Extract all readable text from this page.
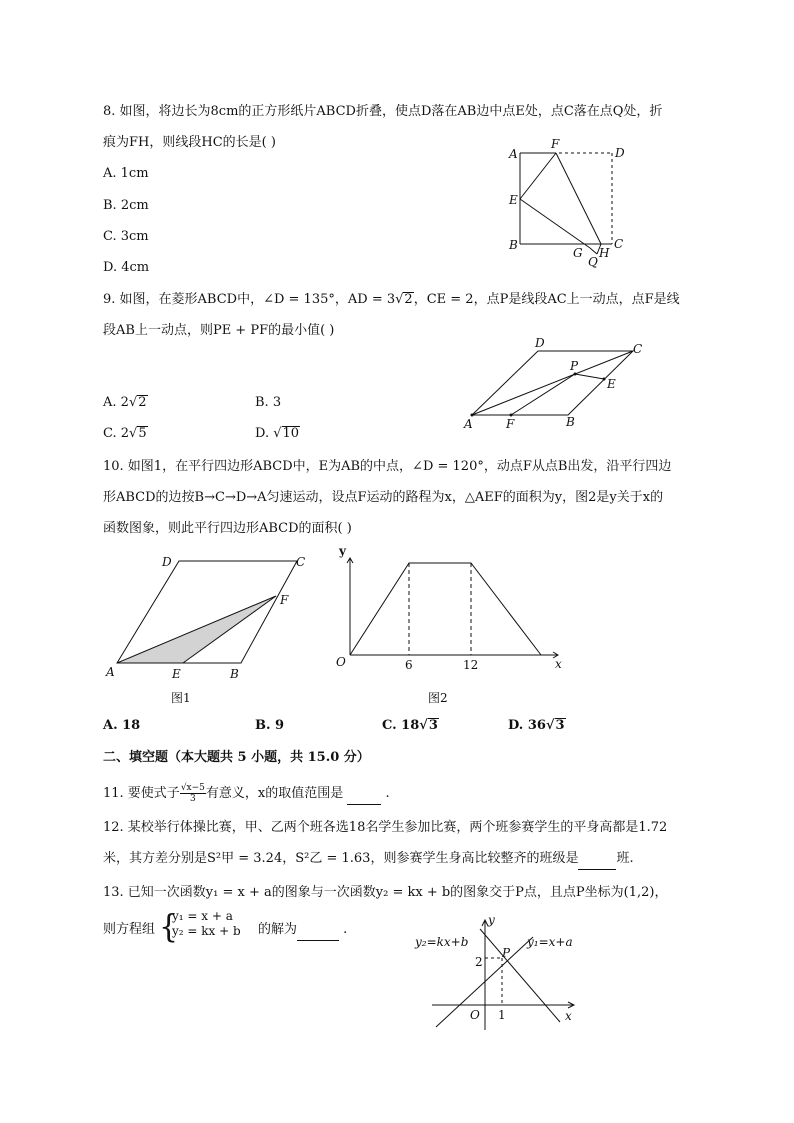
8. 如图，将边长为8cm的正方形纸片ABCD折叠，使点D落在AB边中点E处，点C落在点Q处，折
痕为FH，则线段HC的长是( )
A. 1cm
B. 2cm
C. 3cm
D. 4cm
A
F
D
E
B
G H
C
Q
9. 如图，在菱形ABCD中，∠D = 135°，AD = 3√2，CE = 2，点P是线段AC上一动点，点F是线
段AB上一动点，则PE + PF的最小值( )
A. 2√2	B. 3
C. 2√5	D. √10
D	C
P
E
A	F	B
10. 如图1，在平行四边形ABCD中，E为AB的中点，∠D = 120°，动点F从点B出发，沿平行四边
形ABCD的边按B→C→D→A匀速运动，设点F运动的路程为x，△AEF的面积为y，图2是y关于x的
函数图象，则此平行四边形ABCD的面积( )
D	C
F
A	E	B
图1
y
x
O	6	12
图2
A. 18	B. 9	C. 18√3	D. 36√3
二、填空题（本大题共 5 小题，共 15.0 分）
11. 要使式子 $\frac{√x-5}{3}$ 有意义，x的取值范围是	.
12. 某校举行体操比赛，甲、乙两个班各选18名学生参加比赛，两个班参赛学生的平身高都是1.72
米，其方差分别是S²甲 = 3.24，S²乙 = 1.63，则参赛学生身高比较整齐的班级是	班.
13. 已知一次函数y₁ = x + a的图象与一次函数y₂ = kx + b的图象交于P点，且点P坐标为(1,2)，
则方程组 {
y₁ = x + a
y₂ = kx + b 的解为	.
y₂=kx+b	y₁=x+a
y
x
O
P
2
1
